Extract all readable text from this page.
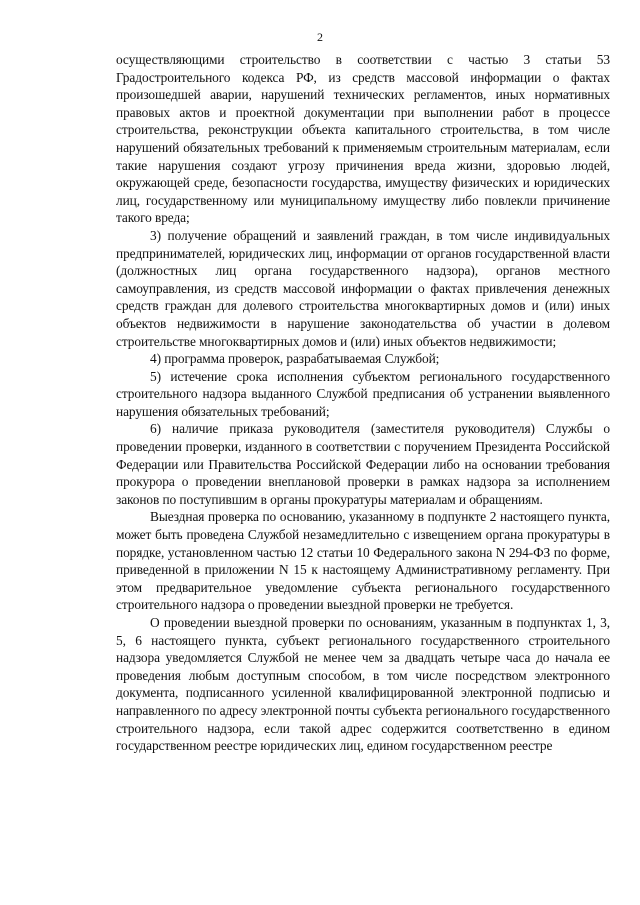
2

осуществляющими строительство в соответствии с частью 3 статьи 53 Градостроительного кодекса РФ, из средств массовой информации о фактах произошедшей аварии, нарушений технических регламентов, иных нормативных правовых актов и проектной документации при выполнении работ в процессе строительства, реконструкции объекта капитального строительства, в том числе нарушений обязательных требований к применяемым строительным материалам, если такие нарушения создают угрозу причинения вреда жизни, здоровью людей, окружающей среде, безопасности государства, имуществу физических и юридических лиц, государственному или муниципальному имуществу либо повлекли причинение такого вреда;

3) получение обращений и заявлений граждан, в том числе индивидуальных предпринимателей, юридических лиц, информации от органов государственной власти (должностных лиц органа государственного надзора), органов местного самоуправления, из средств массовой информации о фактах привлечения денежных средств граждан для долевого строительства многоквартирных домов и (или) иных объектов недвижимости в нарушение законодательства об участии в долевом строительстве многоквартирных домов и (или) иных объектов недвижимости;

4) программа проверок, разрабатываемая Службой;

5) истечение срока исполнения субъектом регионального государственного строительного надзора выданного Службой предписания об устранении выявленного нарушения обязательных требований;

6) наличие приказа руководителя (заместителя руководителя) Службы о проведении проверки, изданного в соответствии с поручением Президента Российской Федерации или Правительства Российской Федерации либо на основании требования прокурора о проведении внеплановой проверки в рамках надзора за исполнением законов по поступившим в органы прокуратуры материалам и обращениям.

Выездная проверка по основанию, указанному в подпункте 2 настоящего пункта, может быть проведена Службой незамедлительно с извещением органа прокуратуры в порядке, установленном частью 12 статьи 10 Федерального закона N 294-ФЗ по форме, приведенной в приложении N 15 к настоящему Административному регламенту. При этом предварительное уведомление субъекта регионального государственного строительного надзора о проведении выездной проверки не требуется.

О проведении выездной проверки по основаниям, указанным в подпунктах 1, 3, 5, 6 настоящего пункта, субъект регионального государственного строительного надзора уведомляется Службой не менее чем за двадцать четыре часа до начала ее проведения любым доступным способом, в том числе посредством электронного документа, подписанного усиленной квалифицированной электронной подписью и направленного по адресу электронной почты субъекта регионального государственного строительного надзора, если такой адрес содержится соответственно в едином государственном реестре юридических лиц, едином государственном реестре
